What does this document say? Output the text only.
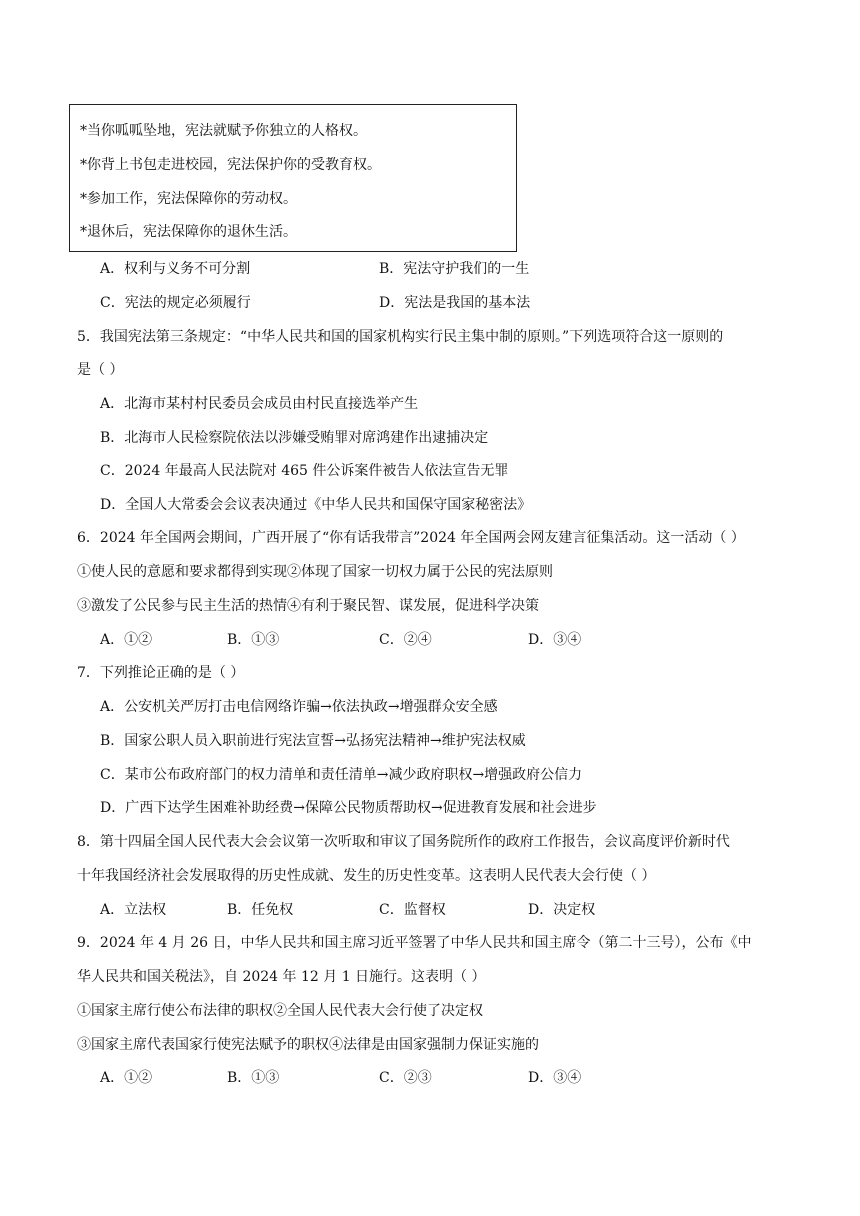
*当你呱呱坠地，宪法就赋予你独立的人格权。
*你背上书包走进校园，宪法保护你的受教育权。
*参加工作，宪法保障你的劳动权。
*退休后，宪法保障你的退休生活。
A．权利与义务不可分割	B．宪法守护我们的一生
C．宪法的规定必须履行	D．宪法是我国的基本法
5．我国宪法第三条规定：“中华人民共和国的国家机构实行民主集中制的原则。”下列选项符合这一原则的
是（ ）
A．北海市某村村民委员会成员由村民直接选举产生
B．北海市人民检察院依法以涉嫌受贿罪对席鸿建作出逮捕决定
C．2024 年最高人民法院对 465 件公诉案件被告人依法宣告无罪
D．全国人大常委会会议表决通过《中华人民共和国保守国家秘密法》
6．2024 年全国两会期间，广西开展了“你有话我带言”2024 年全国两会网友建言征集活动。这一活动（ ）
①使人民的意愿和要求都得到实现②体现了国家一切权力属于公民的宪法原则
③激发了公民参与民主生活的热情④有利于聚民智、谋发展，促进科学决策
A．①②	B．①③	C．②④	D．③④
7．下列推论正确的是（ ）
A．公安机关严厉打击电信网络诈骗→依法执政→增强群众安全感
B．国家公职人员入职前进行宪法宣誓→弘扬宪法精神→维护宪法权威
C．某市公布政府部门的权力清单和责任清单→减少政府职权→增强政府公信力
D．广西下达学生困难补助经费→保障公民物质帮助权→促进教育发展和社会进步
8．第十四届全国人民代表大会会议第一次听取和审议了国务院所作的政府工作报告，会议高度评价新时代
十年我国经济社会发展取得的历史性成就、发生的历史性变革。这表明人民代表大会行使（ ）
A．立法权	B．任免权	C．监督权	D．决定权
9．2024 年 4 月 26 日，中华人民共和国主席习近平签署了中华人民共和国主席令（第二十三号），公布《中
华人民共和国关税法》，自 2024 年 12 月 1 日施行。这表明（ ）
①国家主席行使公布法律的职权②全国人民代表大会行使了决定权
③国家主席代表国家行使宪法赋予的职权④法律是由国家强制力保证实施的
A．①②	B．①③	C．②③	D．③④
